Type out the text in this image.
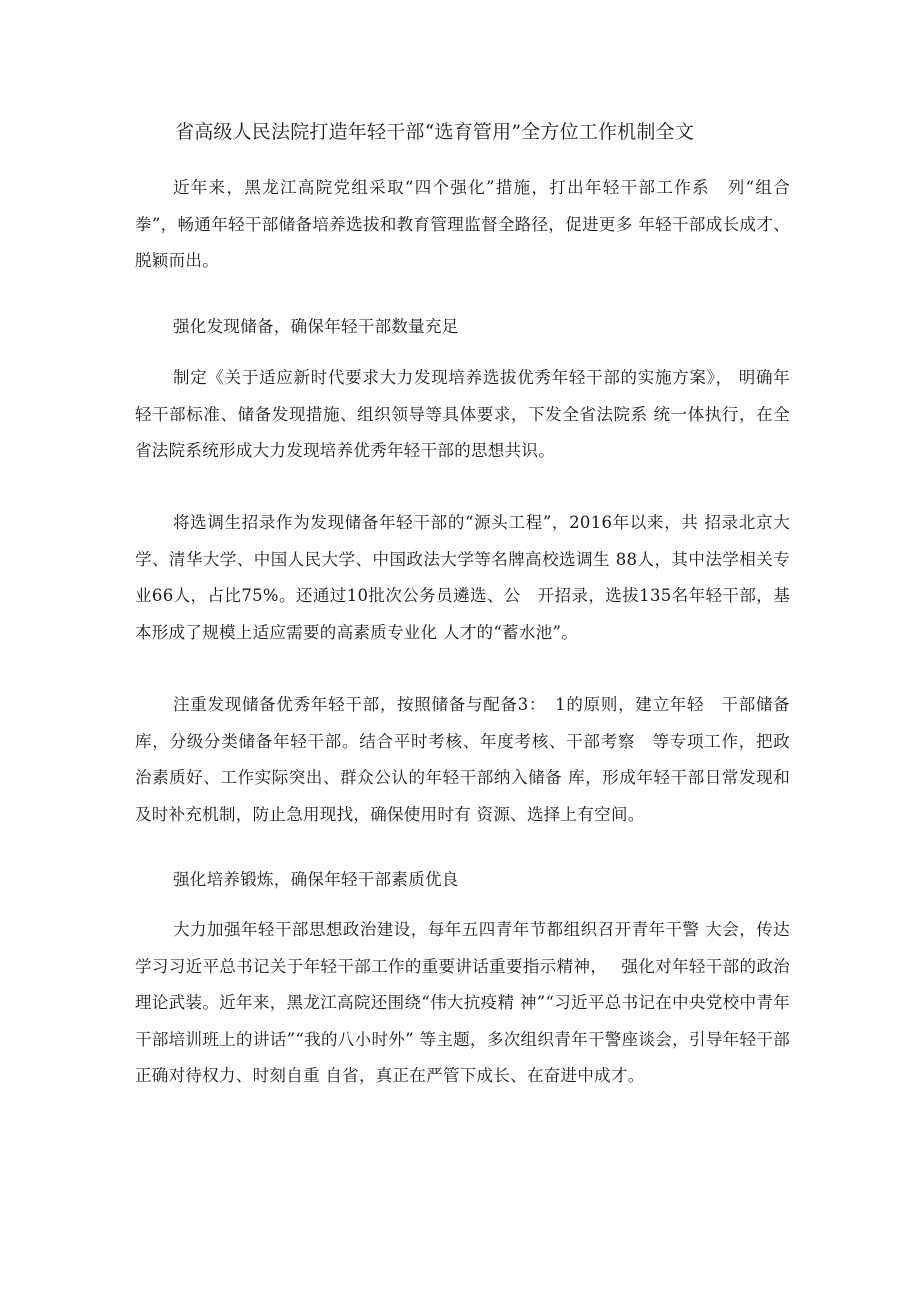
省高级人民法院打造年轻干部“选育管用”全方位工作机制全文

近年来，黑龙江高院党组采取“四个强化”措施，打出年轻干部工作系　列“组合拳”，畅通年轻干部储备培养选拔和教育管理监督全路径，促进更多 年轻干部成长成才、脱颖而出。

强化发现储备，确保年轻干部数量充足

制定《关于适应新时代要求大力发现培养选拔优秀年轻干部的实施方案》， 明确年轻干部标准、储备发现措施、组织领导等具体要求，下发全省法院系 统一体执行，在全省法院系统形成大力发现培养优秀年轻干部的思想共识。

将选调生招录作为发现储备年轻干部的“源头工程”，2016年以来，共 招录北京大学、清华大学、中国人民大学、中国政法大学等名牌高校选调生 88人，其中法学相关专业66人，占比75%。还通过10批次公务员遴选、公　开招录，选拔135名年轻干部，基本形成了规模上适应需要的高素质专业化 人才的“蓄水池”。

注重发现储备优秀年轻干部，按照储备与配备3：　1的原则，建立年轻　干部储备库，分级分类储备年轻干部。结合平时考核、年度考核、干部考察　等专项工作，把政治素质好、工作实际突出、群众公认的年轻干部纳入储备 库，形成年轻干部日常发现和及时补充机制，防止急用现找，确保使用时有 资源、选择上有空间。

强化培养锻炼，确保年轻干部素质优良

大力加强年轻干部思想政治建设，每年五四青年节都组织召开青年干警 大会，传达学习习近平总书记关于年轻干部工作的重要讲话重要指示精神，　 强化对年轻干部的政治理论武装。近年来，黑龙江高院还围绕“伟大抗疫精 神”“习近平总书记在中央党校中青年干部培训班上的讲话”“我的八小时外” 等主题，多次组织青年干警座谈会，引导年轻干部正确对待权力、时刻自重 自省，真正在严管下成长、在奋进中成才。
